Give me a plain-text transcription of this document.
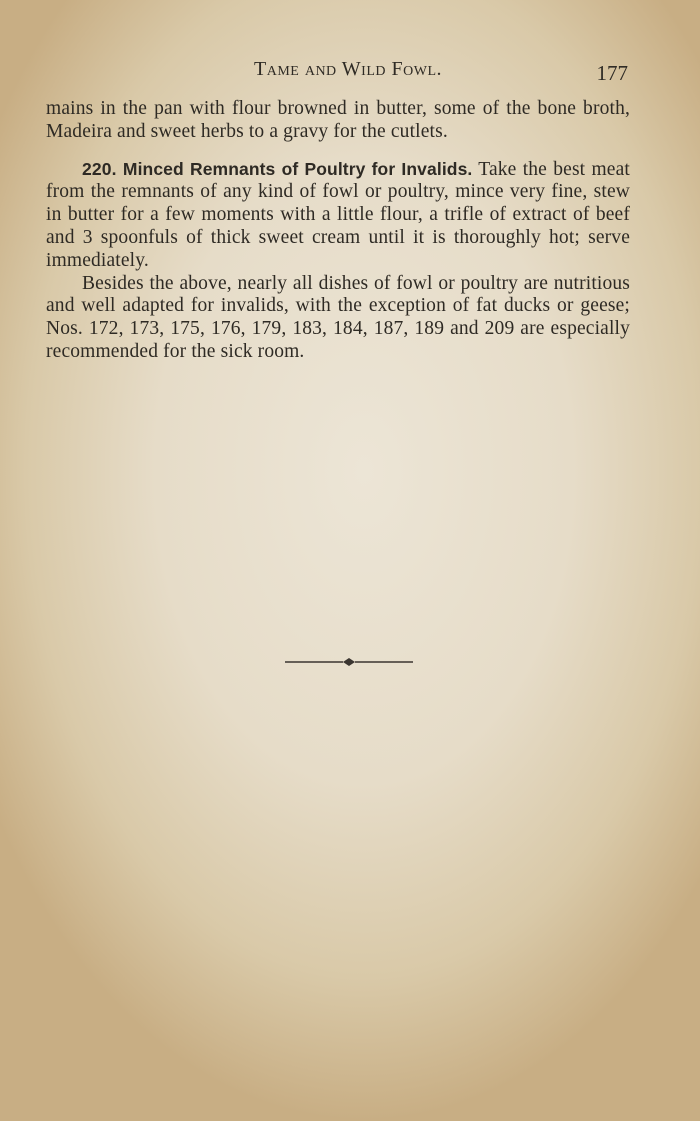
Tame and Wild Fowl.	177

mains in the pan with flour browned in butter, some of the bone broth, Madeira and sweet herbs to a gravy for the cutlets.

220. Minced Remnants of Poultry for Invalids. Take the best meat from the remnants of any kind of fowl or poultry, mince very fine, stew in butter for a few moments with a little flour, a trifle of extract of beef and 3 spoonfuls of thick sweet cream until it is thoroughly hot; serve immediately.

Besides the above, nearly all dishes of fowl or poultry are nutritious and well adapted for invalids, with the exception of fat ducks or geese; Nos. 172, 173, 175, 176, 179, 183, 184, 187, 189 and 209 are especially recommended for the sick room.
